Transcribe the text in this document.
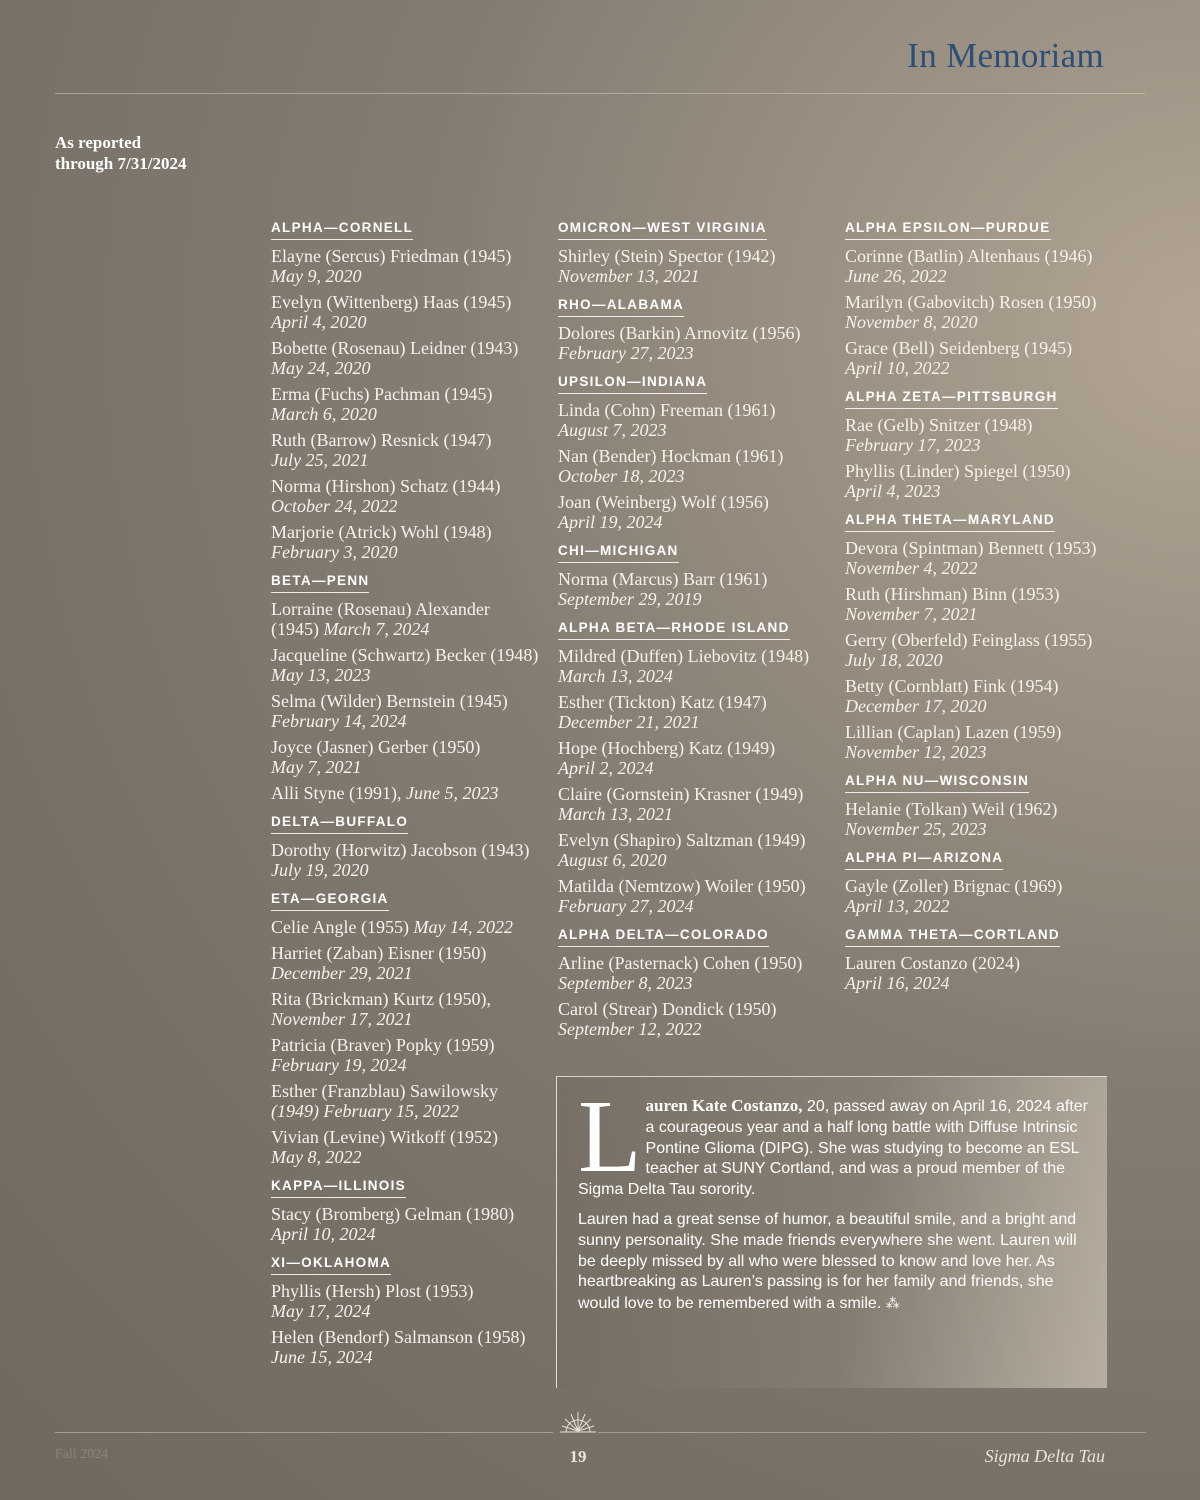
In Memoriam
As reported
through 7/31/2024
ALPHA—CORNELL
Elayne (Sercus) Friedman (1945)
May 9, 2020
Evelyn (Wittenberg) Haas (1945)
April 4, 2020
Bobette (Rosenau) Leidner (1943)
May 24, 2020
Erma (Fuchs) Pachman (1945)
March 6, 2020
Ruth (Barrow) Resnick (1947)
July 25, 2021
Norma (Hirshon) Schatz (1944)
October 24, 2022
Marjorie (Atrick) Wohl (1948)
February 3, 2020
BETA—PENN
Lorraine (Rosenau) Alexander (1945) March 7, 2024
Jacqueline (Schwartz) Becker (1948) May 13, 2023
Selma (Wilder) Bernstein (1945)
February 14, 2024
Joyce (Jasner) Gerber (1950)
May 7, 2021
Alli Styne (1991), June 5, 2023
DELTA—BUFFALO
Dorothy (Horwitz) Jacobson (1943) July 19, 2020
ETA—GEORGIA
Celie Angle (1955) May 14, 2022
Harriet (Zaban) Eisner (1950)
December 29, 2021
Rita (Brickman) Kurtz (1950),
November 17, 2021
Patricia (Braver) Popky (1959)
February 19, 2024
Esther (Franzblau) Sawilowsky
(1949) February 15, 2022
Vivian (Levine) Witkoff (1952)
May 8, 2022
KAPPA—ILLINOIS
Stacy (Bromberg) Gelman (1980)
April 10, 2024
XI—OKLAHOMA
Phyllis (Hersh) Plost (1953)
May 17, 2024
Helen (Bendorf) Salmanson (1958) June 15, 2024
OMICRON—WEST VIRGINIA
Shirley (Stein) Spector (1942)
November 13, 2021
RHO—ALABAMA
Dolores (Barkin) Arnovitz (1956)
February 27, 2023
UPSILON—INDIANA
Linda (Cohn) Freeman (1961)
August 7, 2023
Nan (Bender) Hockman (1961)
October 18, 2023
Joan (Weinberg) Wolf (1956)
April 19, 2024
CHI—MICHIGAN
Norma (Marcus) Barr (1961)
September 29, 2019
ALPHA BETA—RHODE ISLAND
Mildred (Duffen) Liebovitz (1948)
March 13, 2024
Esther (Tickton) Katz (1947)
December 21, 2021
Hope (Hochberg) Katz (1949)
April 2, 2024
Claire (Gornstein) Krasner (1949)
March 13, 2021
Evelyn (Shapiro) Saltzman (1949)
August 6, 2020
Matilda (Nemtzow) Woiler (1950)
February 27, 2024
ALPHA DELTA—COLORADO
Arline (Pasternack) Cohen (1950)
September 8, 2023
Carol (Strear) Dondick (1950)
September 12, 2022
ALPHA EPSILON—PURDUE
Corinne (Batlin) Altenhaus (1946) June 26, 2022
Marilyn (Gabovitch) Rosen (1950)
November 8, 2020
Grace (Bell) Seidenberg (1945)
April 10, 2022
ALPHA ZETA—PITTSBURGH
Rae (Gelb) Snitzer (1948)
February 17, 2023
Phyllis (Linder) Spiegel (1950)
April 4, 2023
ALPHA THETA—MARYLAND
Devora (Spintman) Bennett (1953) November 4, 2022
Ruth (Hirshman) Binn (1953)
November 7, 2021
Gerry (Oberfeld) Feinglass (1955)
July 18, 2020
Betty (Cornblatt) Fink (1954)
December 17, 2020
Lillian (Caplan) Lazen (1959)
November 12, 2023
ALPHA NU—WISCONSIN
Helanie (Tolkan) Weil (1962)
November 25, 2023
ALPHA PI—ARIZONA
Gayle (Zoller) Brignac (1969)
April 13, 2022
GAMMA THETA—CORTLAND
Lauren Costanzo (2024)
April 16, 2024
L auren Kate Costanzo, 20, passed away on April 16, 2024 after a courageous year and a half long battle with Diffuse Intrinsic Pontine Glioma (DIPG). She was studying to become an ESL teacher at SUNY Cortland, and was a proud member of the Sigma Delta Tau sorority.

Lauren had a great sense of humor, a beautiful smile, and a bright and sunny personality. She made friends everywhere she went. Lauren will be deeply missed by all who were blessed to know and love her. As heartbreaking as Lauren’s passing is for her family and friends, she would love to be remembered with a smile. ⁂

Fall 2024	19	Sigma Delta Tau
